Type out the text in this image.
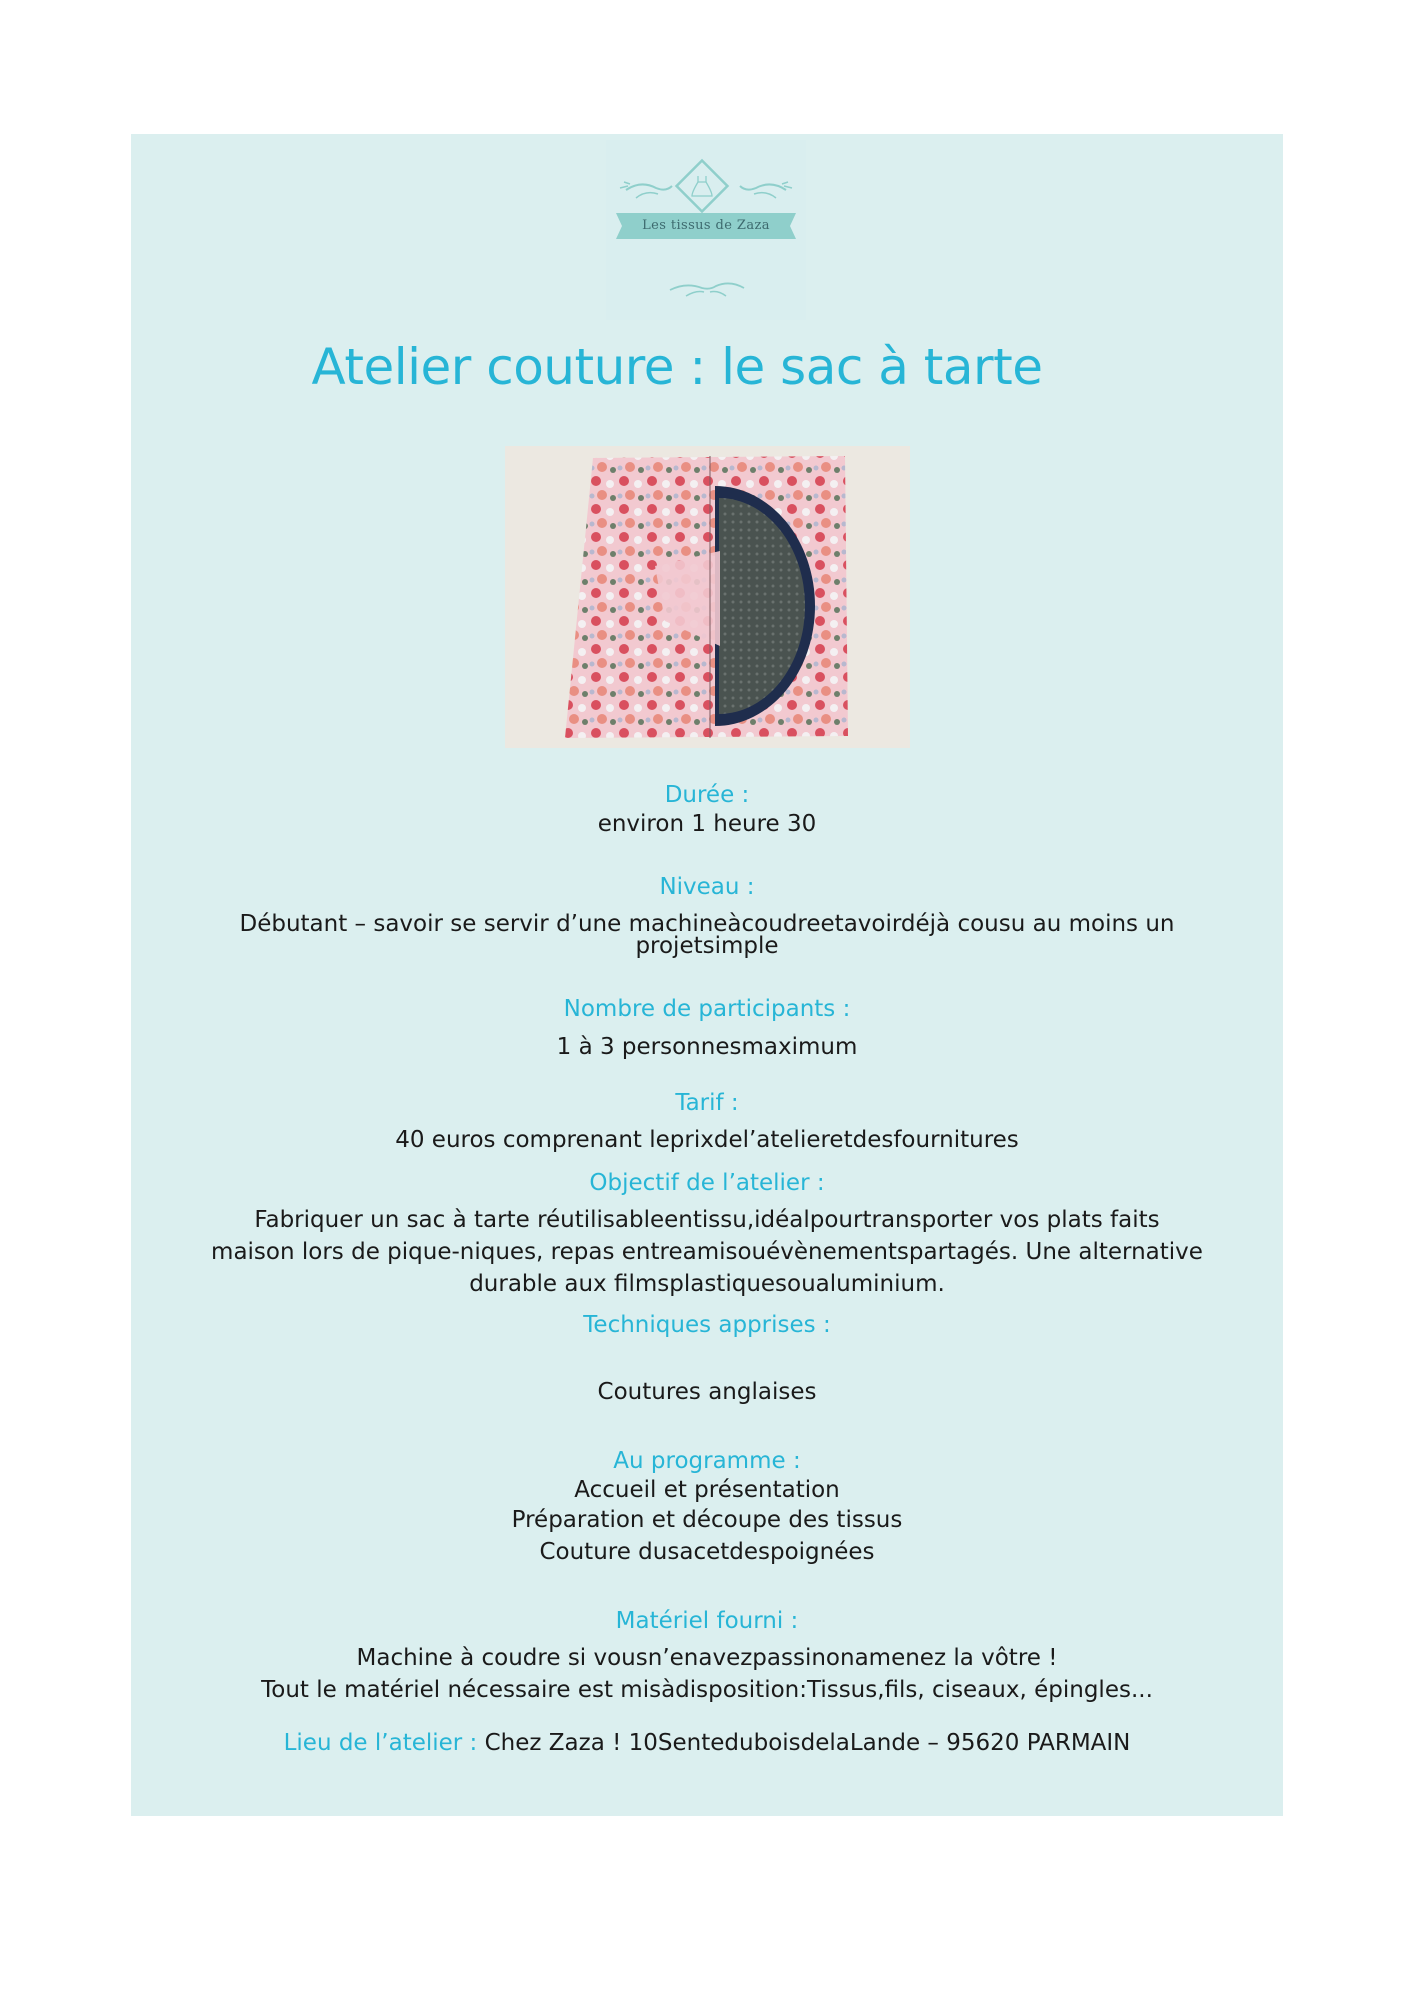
Les tissus de Zaza
Atelier couture : le sac à tarte
Durée :
environ 1 heure 30
Niveau :
Débutant – savoir se servir d’une machineàcoudreetavoirdéjà cousu au moins un
projetsimple
Nombre de participants :
1 à 3 personnesmaximum
Tarif :
40 euros comprenant leprixdel’atelieretdesfournitures
Objectif de l’atelier :
Fabriquer un sac à tarte réutilisableentissu,idéalpourtransporter vos plats faits
maison lors de pique-niques, repas entreamisouévènementspartagés. Une alternative
durable aux filmsplastiquesoualuminium.
Techniques apprises :
Coutures anglaises
Au programme :
Accueil et présentation
Préparation et découpe des tissus
Couture dusacetdespoignées
Matériel fourni :
Machine à coudre si vousn’enavezpassinonamenez la vôtre !
Tout le matériel nécessaire est misàdisposition:Tissus,fils, ciseaux, épingles...
Lieu de l’atelier : Chez Zaza ! 10SenteduboisdelaLande – 95620 PARMAIN
